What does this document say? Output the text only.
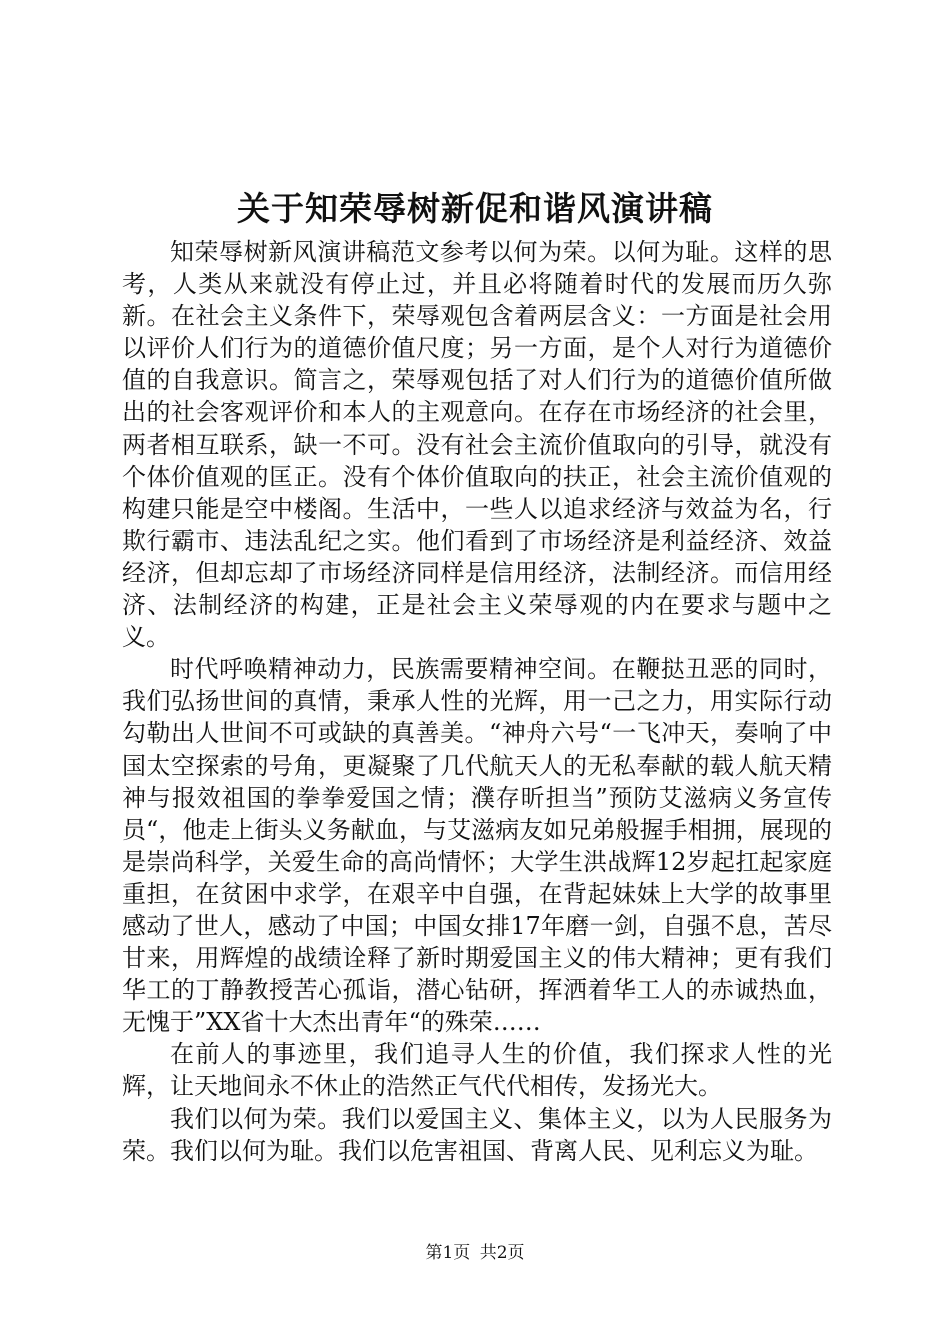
关于知荣辱树新促和谐风演讲稿

知荣辱树新风演讲稿范文参考以何为荣。以何为耻。这样的思考，人类从来就没有停止过，并且必将随着时代的发展而历久弥新。在社会主义条件下，荣辱观包含着两层含义：一方面是社会用以评价人们行为的道德价值尺度；另一方面，是个人对行为道德价值的自我意识。简言之，荣辱观包括了对人们行为的道德价值所做出的社会客观评价和本人的主观意向。在存在市场经济的社会里，两者相互联系，缺一不可。没有社会主流价值取向的引导，就没有个体价值观的匡正。没有个体价值取向的扶正，社会主流价值观的构建只能是空中楼阁。生活中，一些人以追求经济与效益为名，行欺行霸市、违法乱纪之实。他们看到了市场经济是利益经济、效益经济，但却忘却了市场经济同样是信用经济，法制经济。而信用经济、法制经济的构建，正是社会主义荣辱观的内在要求与题中之义。

时代呼唤精神动力，民族需要精神空间。在鞭挞丑恶的同时，我们弘扬世间的真情，秉承人性的光辉，用一己之力，用实际行动勾勒出人世间不可或缺的真善美。“神舟六号“一飞冲天，奏响了中国太空探索的号角，更凝聚了几代航天人的无私奉献的载人航天精神与报效祖国的拳拳爱国之情；濮存昕担当”预防艾滋病义务宣传员“，他走上街头义务献血，与艾滋病友如兄弟般握手相拥，展现的是崇尚科学，关爱生命的高尚情怀；大学生洪战辉12岁起扛起家庭重担，在贫困中求学，在艰辛中自强，在背起妹妹上大学的故事里感动了世人，感动了中国；中国女排17年磨一剑，自强不息，苦尽甘来，用辉煌的战绩诠释了新时期爱国主义的伟大精神；更有我们华工的丁静教授苦心孤诣，潜心钻研，挥洒着华工人的赤诚热血，无愧于”XX省十大杰出青年“的殊荣……

在前人的事迹里，我们追寻人生的价值，我们探求人性的光辉，让天地间永不休止的浩然正气代代相传，发扬光大。

我们以何为荣。我们以爱国主义、集体主义，以为人民服务为荣。我们以何为耻。我们以危害祖国、背离人民、见利忘义为耻。

第1页 共2页
